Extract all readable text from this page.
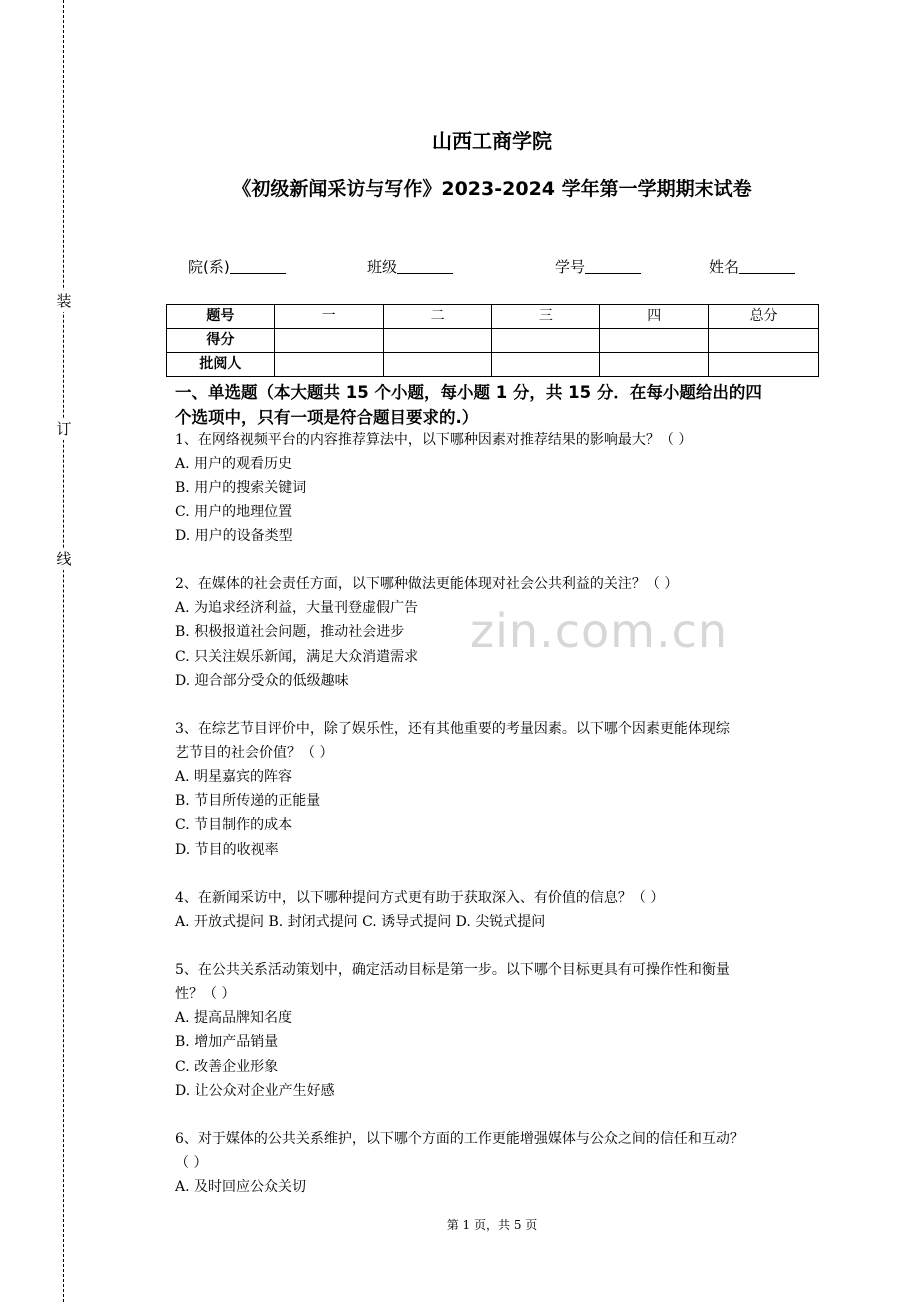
装
订
线
山西工商学院
《初级新闻采访与写作》2023-2024 学年第一学期期末试卷
院(系)	班级	学号	姓名
题号	一	二	三	四	总分
得分					
批阅人					
一、单选题（本大题共 15 个小题，每小题 1 分，共 15 分．在每小题给出的四
个选项中，只有一项是符合题目要求的.）
zin.com.cn
1、在网络视频平台的内容推荐算法中，以下哪种因素对推荐结果的影响最大？（ ）
A. 用户的观看历史
B. 用户的搜索关键词
C. 用户的地理位置
D. 用户的设备类型
2、在媒体的社会责任方面，以下哪种做法更能体现对社会公共利益的关注？（ ）
A. 为追求经济利益，大量刊登虚假广告
B. 积极报道社会问题，推动社会进步
C. 只关注娱乐新闻，满足大众消遣需求
D. 迎合部分受众的低级趣味
3、在综艺节目评价中，除了娱乐性，还有其他重要的考量因素。以下哪个因素更能体现综
艺节目的社会价值？（ ）
A. 明星嘉宾的阵容
B. 节目所传递的正能量
C. 节目制作的成本
D. 节目的收视率
4、在新闻采访中，以下哪种提问方式更有助于获取深入、有价值的信息？（ ）
A. 开放式提问 B. 封闭式提问 C. 诱导式提问 D. 尖锐式提问
5、在公共关系活动策划中，确定活动目标是第一步。以下哪个目标更具有可操作性和衡量
性？（ ）
A. 提高品牌知名度
B. 增加产品销量
C. 改善企业形象
D. 让公众对企业产生好感
6、对于媒体的公共关系维护，以下哪个方面的工作更能增强媒体与公众之间的信任和互动？
（ ）
A. 及时回应公众关切
第 1 页，共 5 页
